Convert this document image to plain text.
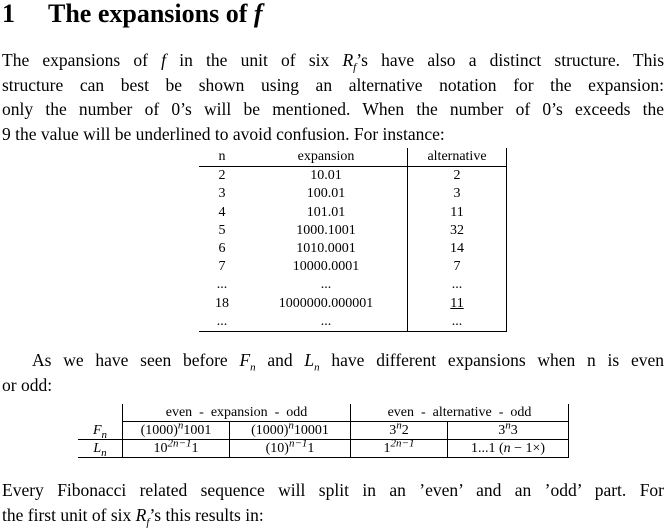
1 The expansions of f
The expansions of f in the unit of six $R_f’s$ have also a distinct structure. This
structure can best be shown using an alternative notation for the expansion:
only the number of 0’s will be mentioned. When the number of 0’s exceeds the
9 the value will be underlined to avoid confusion. For instance:
n	expansion	alternative
2	10.01	2
3	100.01	3
4	101.01	11
5	1000.1001	32
6	1010.0001	14
7	10000.0001	7
...	...	...
18	1000000.000001	11
...	...	...
As we have seen before $F_n$ and $L_n$ have different expansions when n is even
or odd:
	even  -  expansion  -  odd		even  -  alternative  -  odd	
$F_n$	$(1000)^n1001$	$(1000)^n10001$	3$^n$2	3$^n$3
$L_n$	$10^{2n-1}1$	$(10)^{n-1}1$	$1^{2n-1}$	1...1 (n − 1×)
Every Fibonacci related sequence will split in an ’even’ and an ’odd’ part. For
the first unit of six $R_f’s$ this results in:
